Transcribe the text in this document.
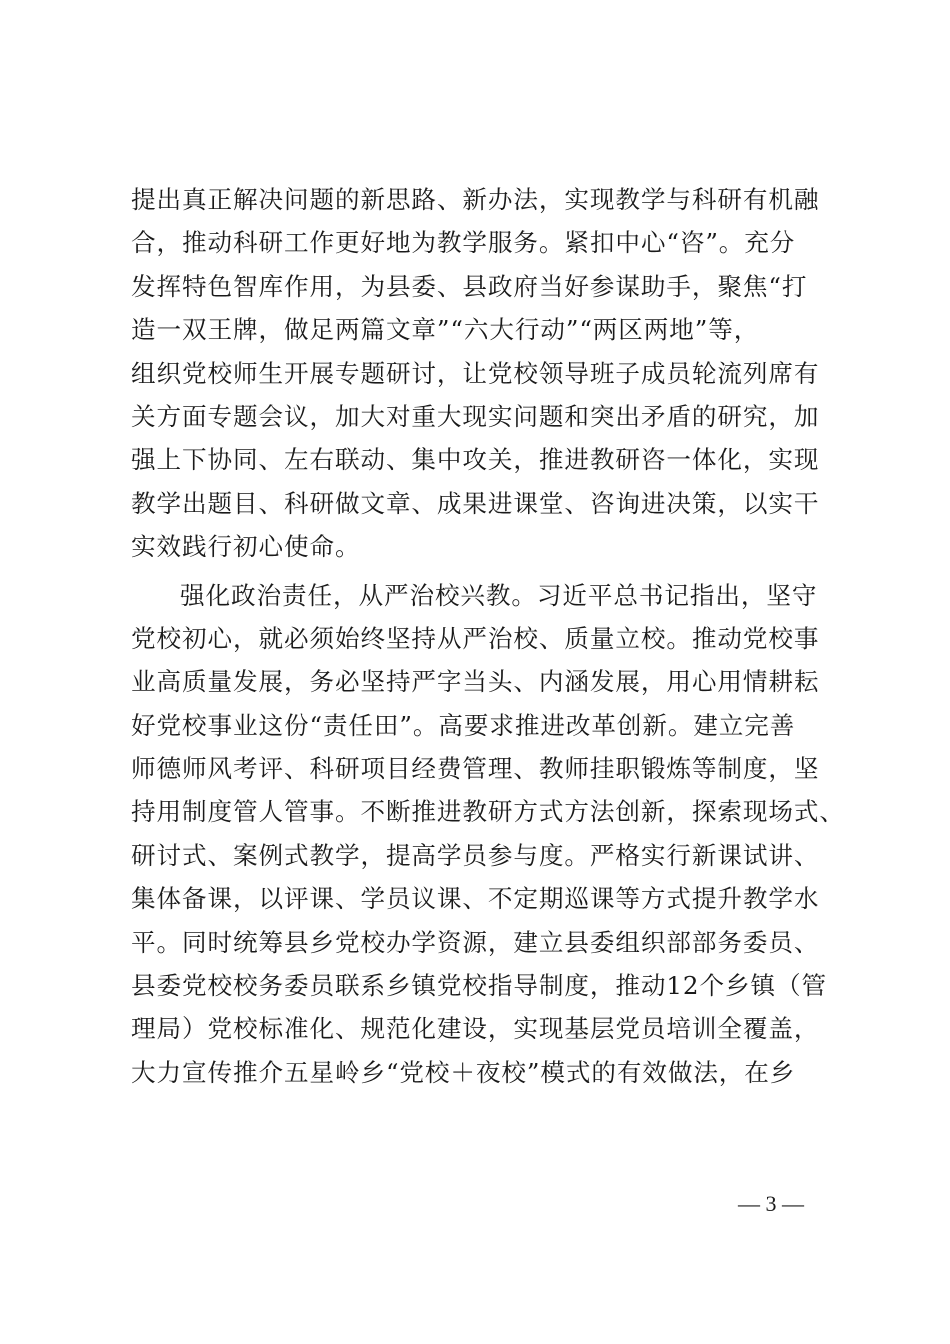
提出真正解决问题的新思路、新办法，实现教学与科研有机融
合，推动科研工作更好地为教学服务。紧扣中心“咨”。充分
发挥特色智库作用，为县委、县政府当好参谋助手，聚焦“打
造一双王牌，做足两篇文章”“六大行动”“两区两地”等，
组织党校师生开展专题研讨，让党校领导班子成员轮流列席有
关方面专题会议，加大对重大现实问题和突出矛盾的研究，加
强上下协同、左右联动、集中攻关，推进教研咨一体化，实现
教学出题目、科研做文章、成果进课堂、咨询进决策，以实干
实效践行初心使命。
强化政治责任，从严治校兴教。习近平总书记指出，坚守
党校初心，就必须始终坚持从严治校、质量立校。推动党校事
业高质量发展，务必坚持严字当头、内涵发展，用心用情耕耘
好党校事业这份“责任田”。高要求推进改革创新。建立完善
师德师风考评、科研项目经费管理、教师挂职锻炼等制度，坚
持用制度管人管事。不断推进教研方式方法创新，探索现场式、
研讨式、案例式教学，提高学员参与度。严格实行新课试讲、
集体备课，以评课、学员议课、不定期巡课等方式提升教学水
平。同时统筹县乡党校办学资源，建立县委组织部部务委员、
县委党校校务委员联系乡镇党校指导制度，推动12个乡镇（管
理局）党校标准化、规范化建设，实现基层党员培训全覆盖，
大力宣传推介五星岭乡“党校＋夜校”模式的有效做法，在乡
— 3 —
